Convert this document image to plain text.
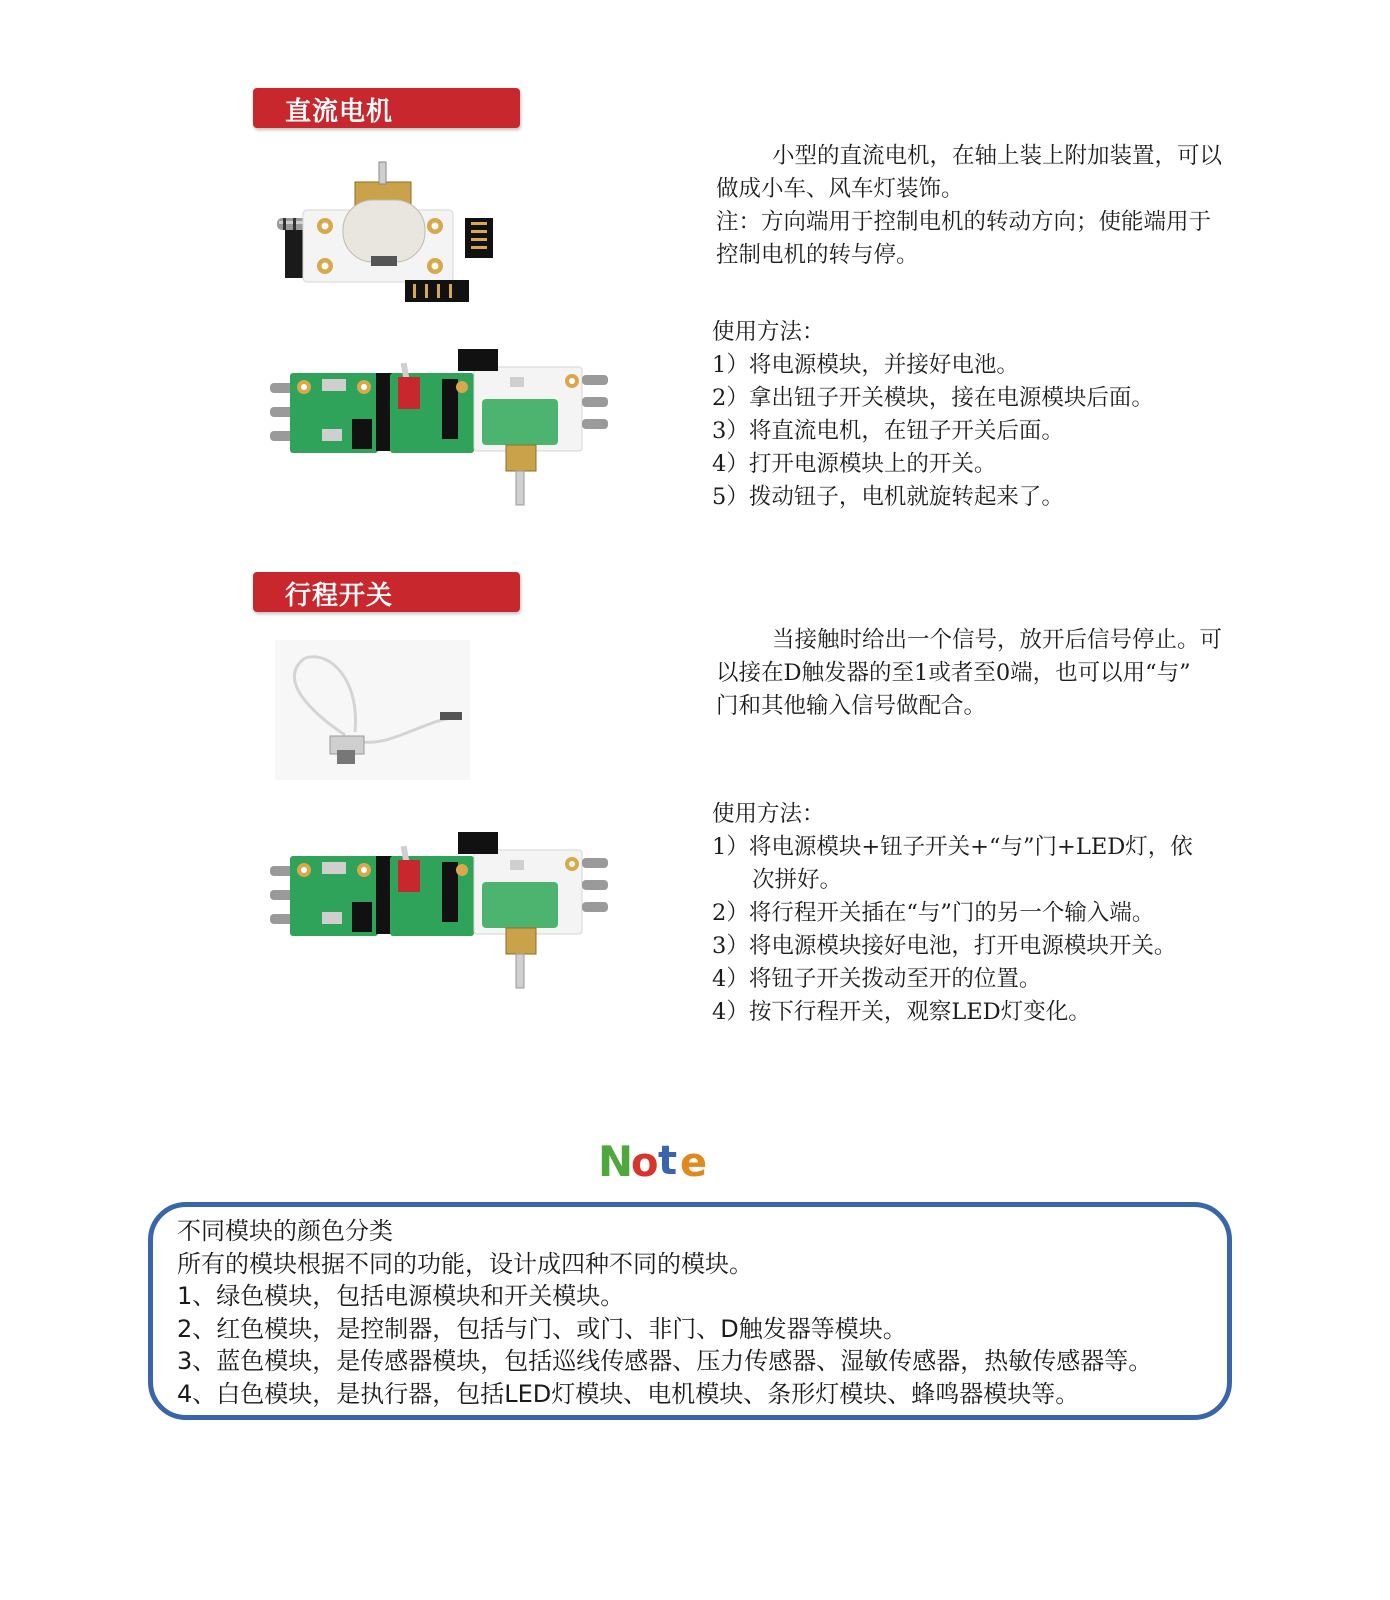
直流电机
小型的直流电机，在轴上装上附加装置，可以
做成小车、风车灯装饰。
注：方向端用于控制电机的转动方向；使能端用于
控制电机的转与停。
使用方法：
1）将电源模块，并接好电池。
2）拿出钮子开关模块，接在电源模块后面。
3）将直流电机，在钮子开关后面。
4）打开电源模块上的开关。
5）拨动钮子，电机就旋转起来了。
行程开关
当接触时给出一个信号，放开后信号停止。可
以接在D触发器的至1或者至0端，也可以用“与”
门和其他输入信号做配合。
使用方法：
1）将电源模块+钮子开关+“与”门+LED灯，依
次拼好。
2）将行程开关插在“与”门的另一个输入端。
3）将电源模块接好电池，打开电源模块开关。
4）将钮子开关拨动至开的位置。
4）按下行程开关，观察LED灯变化。
N
o t e
不同模块的颜色分类
所有的模块根据不同的功能，设计成四种不同的模块。
1、绿色模块，包括电源模块和开关模块。
2、红色模块，是控制器，包括与门、或门、非门、D触发器等模块。
3、蓝色模块，是传感器模块，包括巡线传感器、压力传感器、湿敏传感器，热敏传感器等。
4、白色模块，是执行器，包括LED灯模块、电机模块、条形灯模块、蜂鸣器模块等。
